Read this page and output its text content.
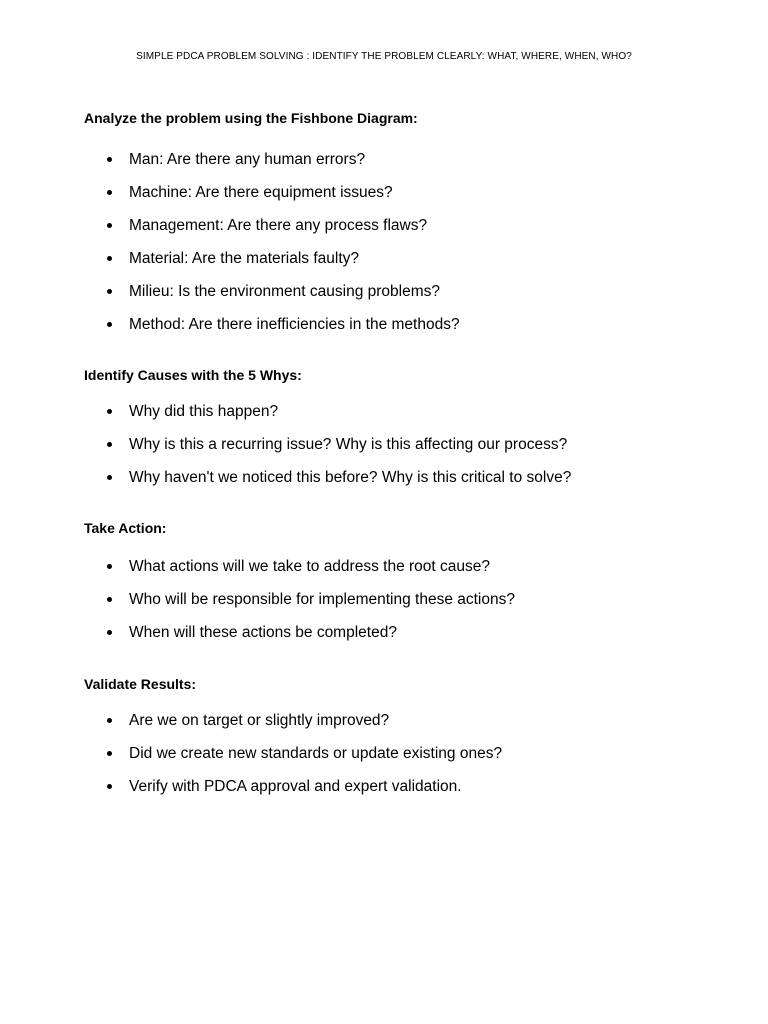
SIMPLE PDCA PROBLEM SOLVING : IDENTIFY THE PROBLEM CLEARLY: WHAT, WHERE, WHEN, WHO?
Analyze the problem using the Fishbone Diagram:
Man: Are there any human errors?
Machine: Are there equipment issues?
Management: Are there any process flaws?
Material: Are the materials faulty?
Milieu: Is the environment causing problems?
Method: Are there inefficiencies in the methods?
Identify Causes with the 5 Whys:
Why did this happen?
Why is this a recurring issue? Why is this affecting our process?
Why haven't we noticed this before? Why is this critical to solve?
Take Action:
What actions will we take to address the root cause?
Who will be responsible for implementing these actions?
When will these actions be completed?
Validate Results:
Are we on target or slightly improved?
Did we create new standards or update existing ones?
Verify with PDCA approval and expert validation.
